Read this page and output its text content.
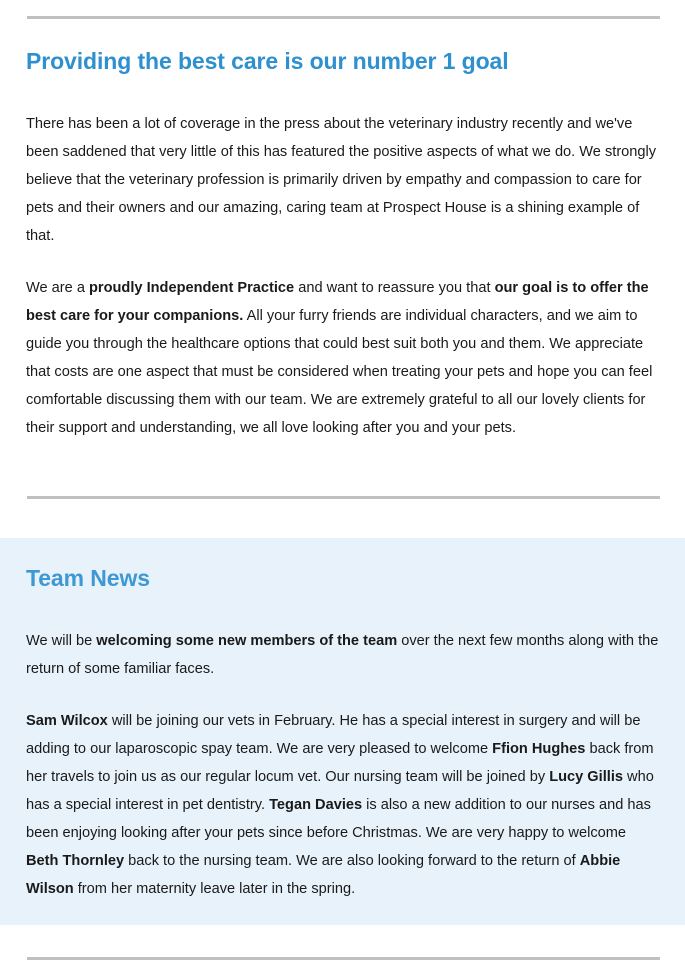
Providing the best care is our number 1 goal

There has been a lot of coverage in the press about the veterinary industry recently and we've been saddened that very little of this has featured the positive aspects of what we do. We strongly believe that the veterinary profession is primarily driven by empathy and compassion to care for pets and their owners and our amazing, caring team at Prospect House is a shining example of that.

We are a proudly Independent Practice and want to reassure you that our goal is to offer the best care for your companions. All your furry friends are individual characters, and we aim to guide you through the healthcare options that could best suit both you and them. We appreciate that costs are one aspect that must be considered when treating your pets and hope you can feel comfortable discussing them with our team. We are extremely grateful to all our lovely clients for their support and understanding, we all love looking after you and your pets.

Team News

We will be welcoming some new members of the team over the next few months along with the return of some familiar faces.

Sam Wilcox will be joining our vets in February. He has a special interest in surgery and will be adding to our laparoscopic spay team. We are very pleased to welcome Ffion Hughes back from her travels to join us as our regular locum vet. Our nursing team will be joined by Lucy Gillis who has a special interest in pet dentistry. Tegan Davies is also a new addition to our nurses and has been enjoying looking after your pets since before Christmas. We are very happy to welcome Beth Thornley back to the nursing team. We are also looking forward to the return of Abbie Wilson from her maternity leave later in the spring.
